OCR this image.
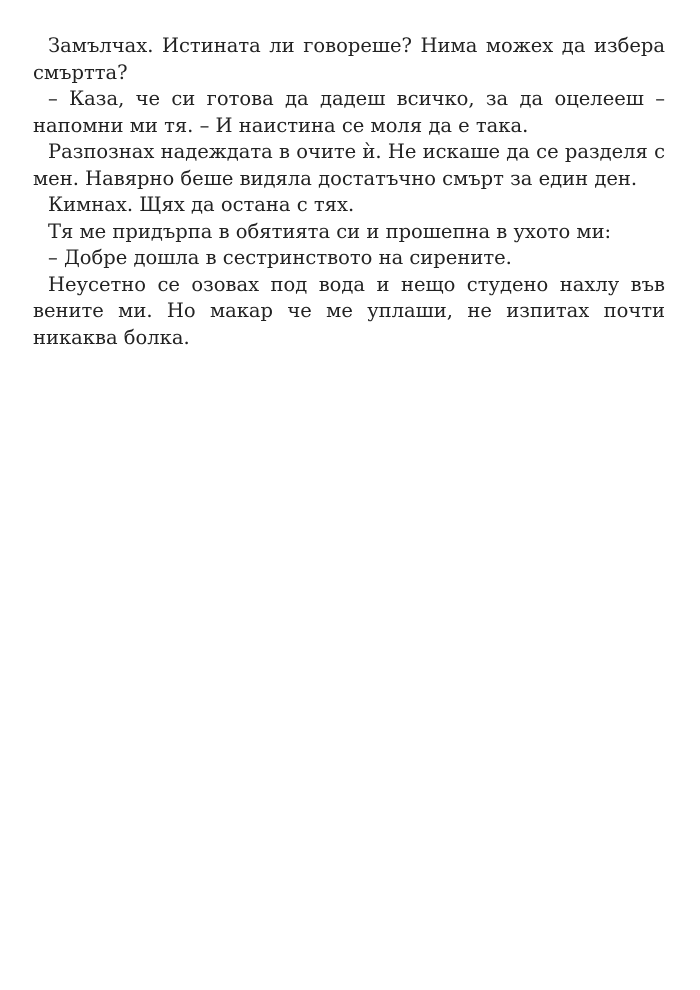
Замълчах. Истината ли говореше? Нима можех да избера смъртта?

– Каза, че си готова да дадеш всичко, за да оцелееш – напомни ми тя. – И наистина се моля да е така.

Разпознах надеждата в очите ѝ. Не искаше да се разделя с мен. Навярно беше видяла достатъчно смърт за един ден.

Кимнах. Щях да остана с тях.

Тя ме придърпа в обятията си и прошепна в ухото ми:

– Добре дошла в сестринството на сирените.

Неусетно се озовах под вода и нещо студено нахлу във вените ми. Но макар че ме уплаши, не изпитах почти никаква болка.
